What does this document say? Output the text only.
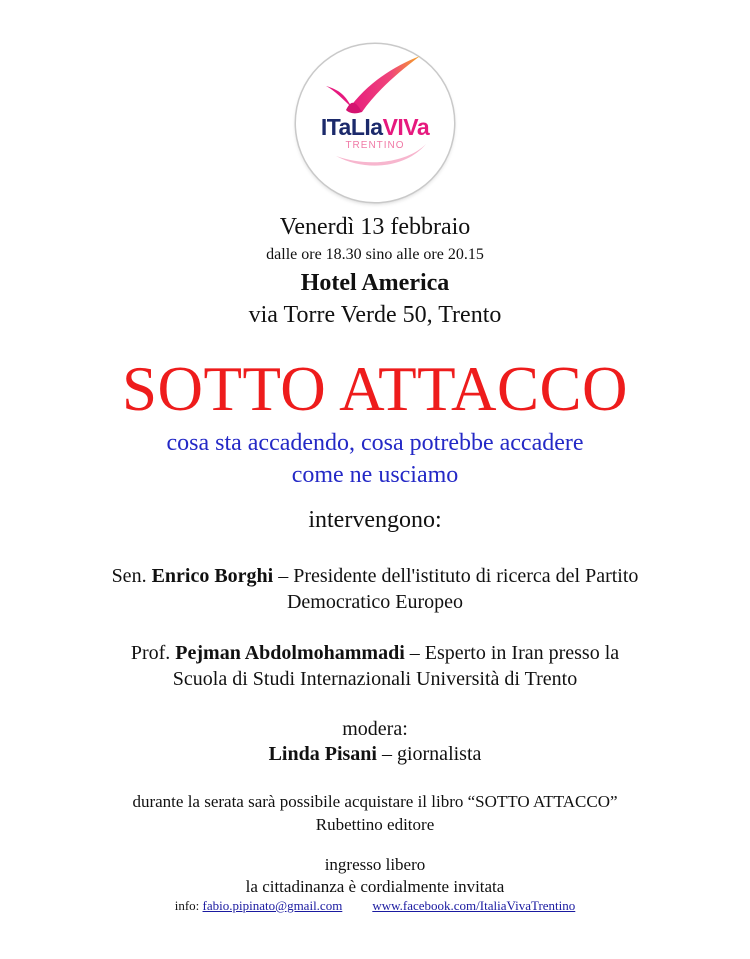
ITaLIaVIVa
TRENTINO

Venerdì 13 febbraio

dalle ore 18.30 sino alle ore 20.15

Hotel America

via Torre Verde 50, Trento

SOTTO ATTACCO

cosa sta accadendo, cosa potrebbe accadere

come ne usciamo

intervengono:

Sen. Enrico Borghi – Presidente dell'istituto di ricerca del Partito

Democratico Europeo

Prof. Pejman Abdolmohammadi – Esperto in Iran presso la

Scuola di Studi Internazionali Università di Trento

modera:

Linda Pisani – giornalista

durante la serata sarà possibile acquistare il libro “SOTTO ATTACCO”

Rubettino editore

ingresso libero

la cittadinanza è cordialmente invitata

info: fabio.pipinato@gmail.com www.facebook.com/ItaliaVivaTrentino
